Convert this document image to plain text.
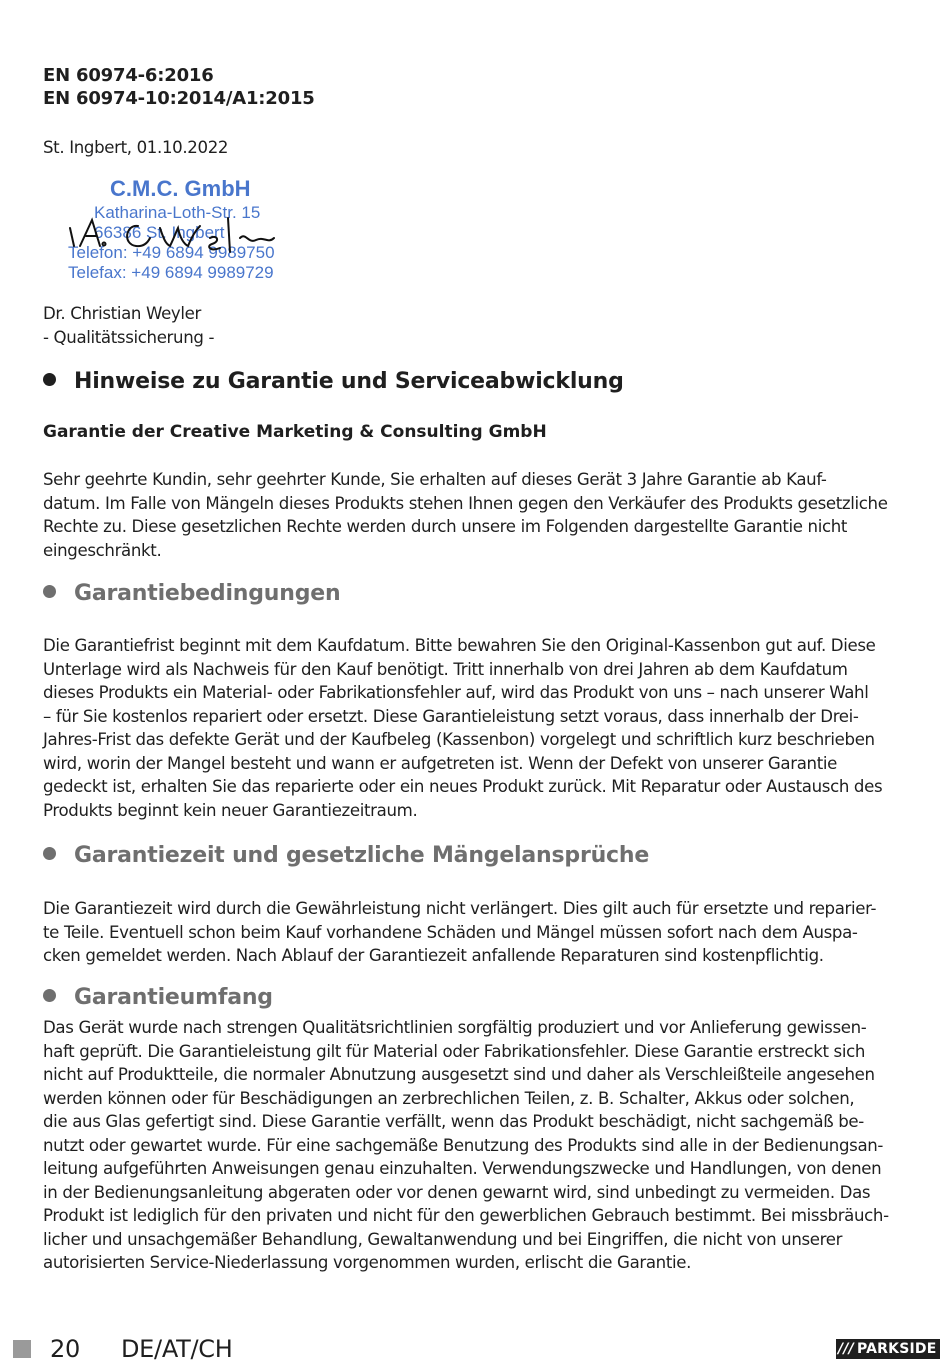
EN 60974-6:2016
EN 60974-10:2014/A1:2015
St. Ingbert, 01.10.2022
C.M.C. GmbH
Katharina-Loth-Str. 15
66386 St. Ingbert
Telefon: +49 6894 9989750
Telefax: +49 6894 9989729
Dr. Christian Weyler
- Qualitätssicherung -
Hinweise zu Garantie und Serviceabwicklung
Garantie der Creative Marketing & Consulting GmbH
Sehr geehrte Kundin, sehr geehrter Kunde, Sie erhalten auf dieses Gerät 3 Jahre Garantie ab Kauf-
datum. Im Falle von Mängeln dieses Produkts stehen Ihnen gegen den Verkäufer des Produkts gesetzliche
Rechte zu. Diese gesetzlichen Rechte werden durch unsere im Folgenden dargestellte Garantie nicht
eingeschränkt.
Garantiebedingungen
Die Garantiefrist beginnt mit dem Kaufdatum. Bitte bewahren Sie den Original-Kassenbon gut auf. Diese
Unterlage wird als Nachweis für den Kauf benötigt. Tritt innerhalb von drei Jahren ab dem Kaufdatum
dieses Produkts ein Material- oder Fabrikationsfehler auf, wird das Produkt von uns – nach unserer Wahl
– für Sie kostenlos repariert oder ersetzt. Diese Garantieleistung setzt voraus, dass innerhalb der Drei-
Jahres-Frist das defekte Gerät und der Kaufbeleg (Kassenbon) vorgelegt und schriftlich kurz beschrieben
wird, worin der Mangel besteht und wann er aufgetreten ist. Wenn der Defekt von unserer Garantie
gedeckt ist, erhalten Sie das reparierte oder ein neues Produkt zurück. Mit Reparatur oder Austausch des
Produkts beginnt kein neuer Garantiezeitraum.
Garantiezeit und gesetzliche Mängelansprüche
Die Garantiezeit wird durch die Gewährleistung nicht verlängert. Dies gilt auch für ersetzte und reparier-
te Teile. Eventuell schon beim Kauf vorhandene Schäden und Mängel müssen sofort nach dem Auspa-
cken gemeldet werden. Nach Ablauf der Garantiezeit anfallende Reparaturen sind kostenpflichtig.
Garantieumfang
Das Gerät wurde nach strengen Qualitätsrichtlinien sorgfältig produziert und vor Anlieferung gewissen-
haft geprüft. Die Garantieleistung gilt für Material oder Fabrikationsfehler. Diese Garantie erstreckt sich
nicht auf Produktteile, die normaler Abnutzung ausgesetzt sind und daher als Verschleißteile angesehen
werden können oder für Beschädigungen an zerbrechlichen Teilen, z. B. Schalter, Akkus oder solchen,
die aus Glas gefertigt sind. Diese Garantie verfällt, wenn das Produkt beschädigt, nicht sachgemäß be-
nutzt oder gewartet wurde. Für eine sachgemäße Benutzung des Produkts sind alle in der Bedienungsan-
leitung aufgeführten Anweisungen genau einzuhalten. Verwendungszwecke und Handlungen, von denen
in der Bedienungsanleitung abgeraten oder vor denen gewarnt wird, sind unbedingt zu vermeiden. Das
Produkt ist lediglich für den privaten und nicht für den gewerblichen Gebrauch bestimmt. Bei missbräuch-
licher und unsachgemäßer Behandlung, Gewaltanwendung und bei Eingriffen, die nicht von unserer
autorisierten Service-Niederlassung vorgenommen wurden, erlischt die Garantie.
20 DE/AT/CH	/// PARKSIDE
